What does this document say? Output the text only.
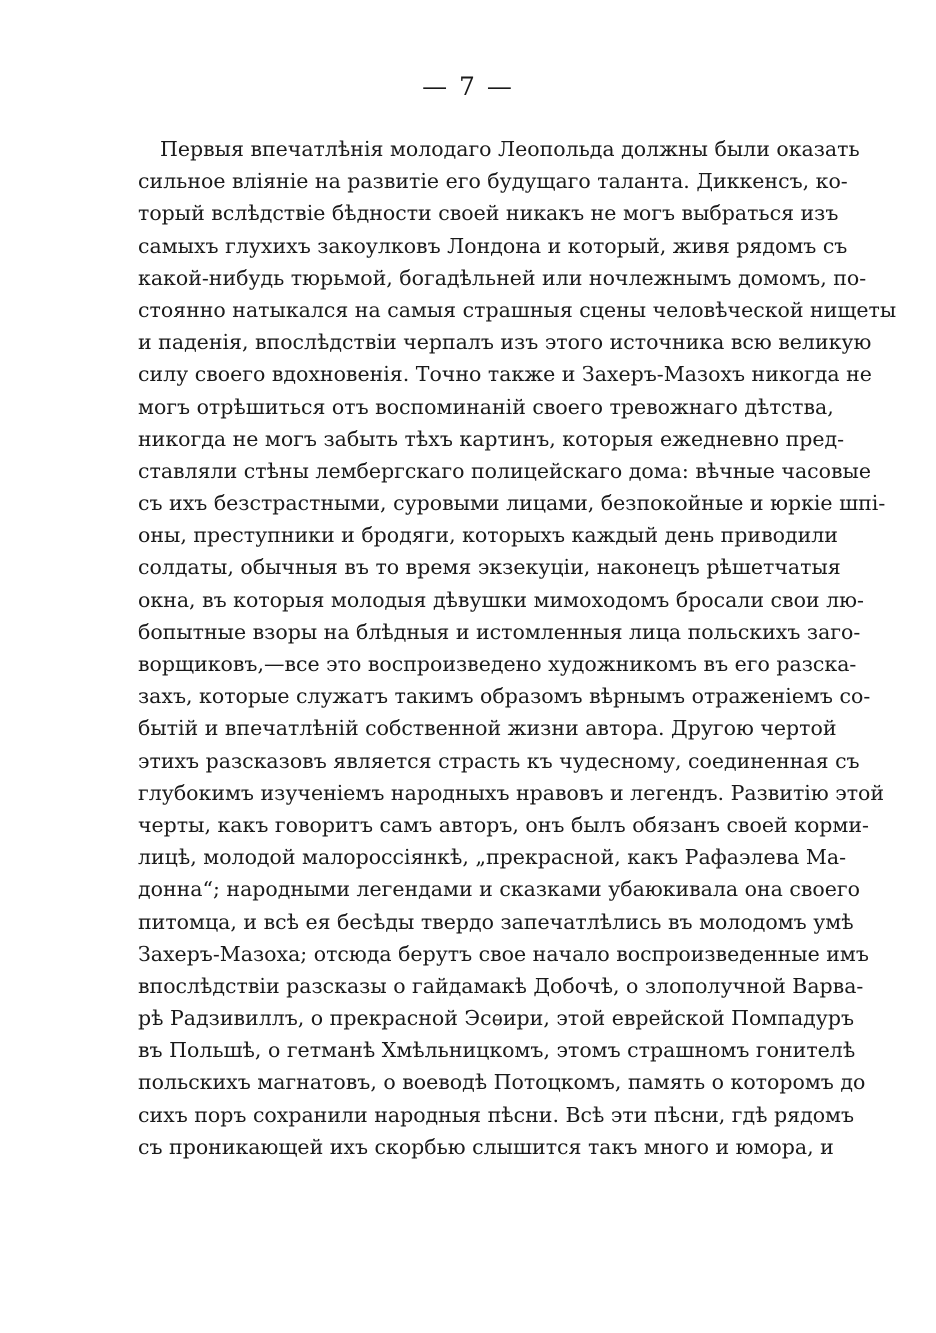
— 7 —
Первыя впечатлѣнія молодаго Леопольда должны были оказать
сильное вліяніе на развитіе его будущаго таланта. Диккенсъ, ко-
торый вслѣдствіе бѣдности своей никакъ не могъ выбраться изъ
самыхъ глухихъ закоулковъ Лондона и который, живя рядомъ съ
какой-нибудь тюрьмой, богадѣльней или ночлежнымъ домомъ, по-
стоянно натыкался на самыя страшныя сцены человѣческой нищеты
и паденія, впослѣдствіи черпалъ изъ этого источника всю великую
силу своего вдохновенія. Точно также и Захеръ-Мазохъ никогда не
могъ отрѣшиться отъ воспоминаній своего тревожнаго дѣтства,
никогда не могъ забыть тѣхъ картинъ, которыя ежедневно пред-
ставляли стѣны лембергскаго полицейскаго дома: вѣчные часовые
съ ихъ безстрастными, суровыми лицами, безпокойные и юркіе шпі-
оны, преступники и бродяги, которыхъ каждый день приводили
солдаты, обычныя въ то время экзекуціи, наконецъ рѣшетчатыя
окна, въ которыя молодыя дѣвушки мимоходомъ бросали свои лю-
бопытные взоры на блѣдныя и истомленныя лица польскихъ заго-
ворщиковъ,—все это воспроизведено художникомъ въ его разска-
захъ, которые служатъ такимъ образомъ вѣрнымъ отраженіемъ со-
бытій и впечатлѣній собственной жизни автора. Другою чертой
этихъ разсказовъ является страсть къ чудесному, соединенная съ
глубокимъ изученіемъ народныхъ нравовъ и легендъ. Развитію этой
черты, какъ говоритъ самъ авторъ, онъ былъ обязанъ своей корми-
лицѣ, молодой малороссіянкѣ, „прекрасной, какъ Рафаэлева Ма-
донна“; народными легендами и сказками убаюкивала она своего
питомца, и всѣ ея бесѣды твердо запечатлѣлись въ молодомъ умѣ
Захеръ-Мазоха; отсюда берутъ свое начало воспроизведенные имъ
впослѣдствіи разсказы о гайдамакѣ Добочѣ, о злополучной Варва-
рѣ Радзивиллъ, о прекрасной Эсѳири, этой еврейской Помпадуръ
въ Польшѣ, о гетманѣ Хмѣльницкомъ, этомъ страшномъ гонителѣ
польскихъ магнатовъ, о воеводѣ Потоцкомъ, память о которомъ до
сихъ поръ сохранили народныя пѣсни. Всѣ эти пѣсни, гдѣ рядомъ
съ проникающей ихъ скорбью слышится такъ много и юмора, и
